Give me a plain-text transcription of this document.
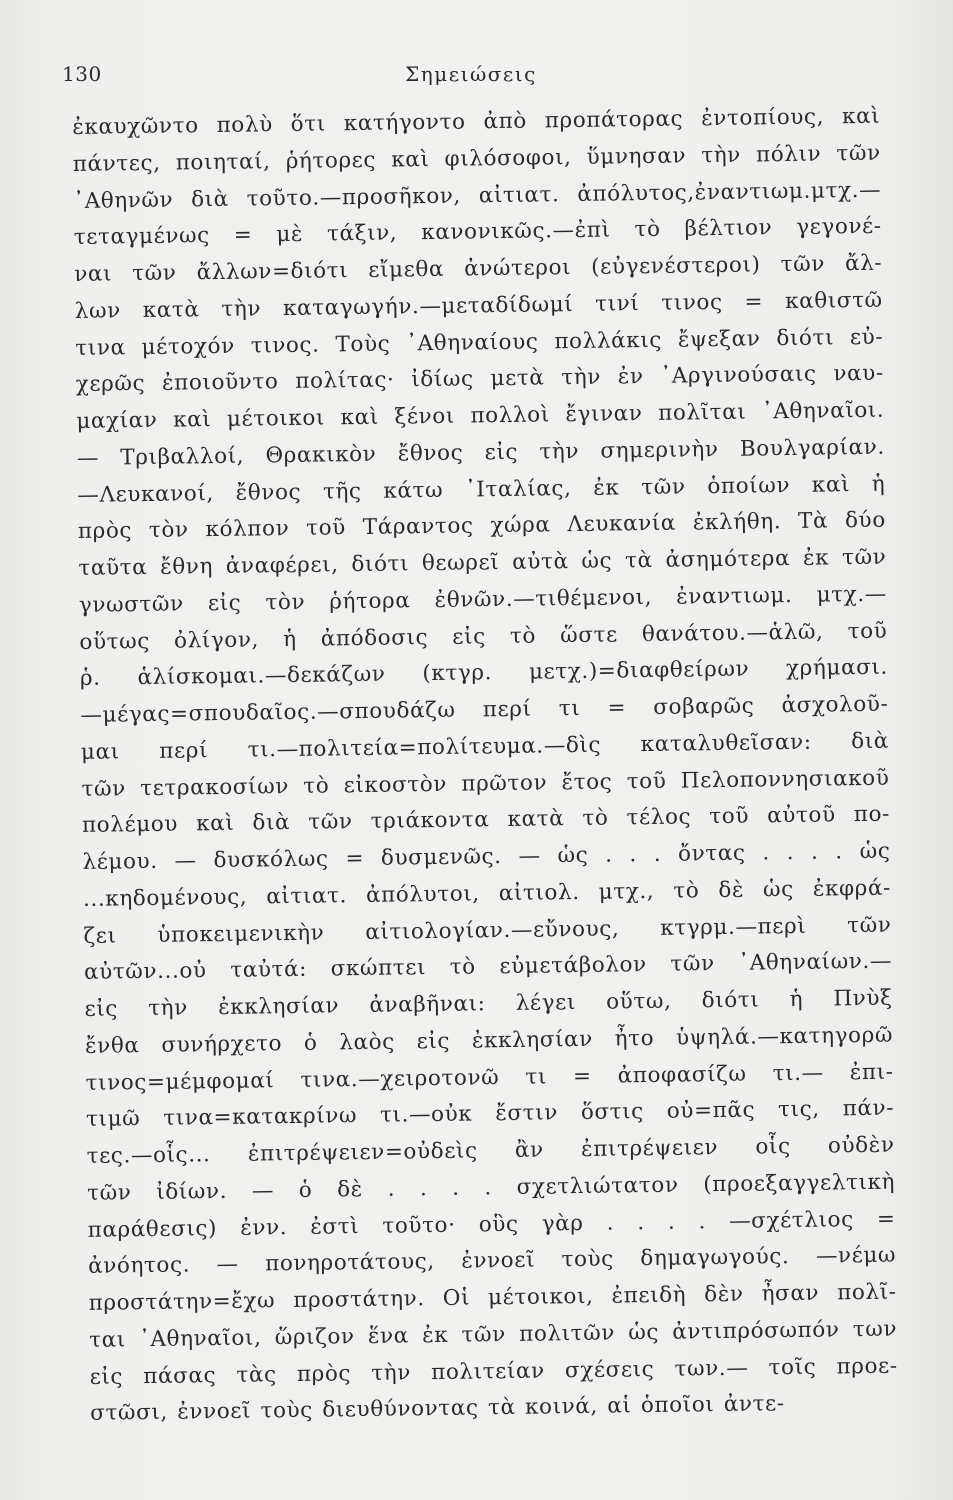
130	Σημειώσεις
ἐκαυχῶντο πολὺ ὅτι κατήγοντο ἀπὸ προπάτορας ἐντοπίους, καὶ
πάντες, ποιηταί, ῥήτορες καὶ φιλόσοφοι, ὕμνησαν τὴν πόλιν τῶν
᾿Αθηνῶν διὰ τοῦτο.—προσῆκον, αἰτιατ. ἀπόλυτος,ἐναντιωμ.μτχ.—
τεταγμένως = μὲ τάξιν, κανονικῶς.—ἐπὶ τὸ βέλτιον γεγονέ-
ναι τῶν ἄλλων=διότι εἴμεθα ἀνώτεροι (εὐγενέστεροι) τῶν ἄλ-
λων κατὰ τὴν καταγωγήν.—μεταδίδωμί τινί τινος = καθιστῶ
τινα μέτοχόν τινος. Τοὺς ᾿Αθηναίους πολλάκις ἔψεξαν διότι εὐ-
χερῶς ἐποιοῦντο πολίτας· ἰδίως μετὰ τὴν ἐν ᾿Αργινούσαις ναυ-
μαχίαν καὶ μέτοικοι καὶ ξένοι πολλοὶ ἔγιναν πολῖται ᾿Αθηναῖοι.
— Τριβαλλοί, Θρακικὸν ἔθνος εἰς τὴν σημερινὴν Βουλγαρίαν.
—Λευκανοί, ἔθνος τῆς κάτω ᾿Ιταλίας, ἐκ τῶν ὁποίων καὶ ἡ
πρὸς τὸν κόλπον τοῦ Τάραντος χώρα Λευκανία ἐκλήθη. Τὰ δύο
ταῦτα ἔθνη ἀναφέρει, διότι θεωρεῖ αὐτὰ ὡς τὰ ἀσημότερα ἐκ τῶν
γνωστῶν εἰς τὸν ῥήτορα ἐθνῶν.—τιθέμενοι, ἐναντιωμ. μτχ.—
οὕτως ὀλίγον, ἡ ἀπόδοσις εἰς τὸ ὥστε θανάτου.—ἁλῶ, τοῦ
ῥ. ἁλίσκομαι.—δεκάζων (κτγρ. μετχ.)=διαφθείρων χρήμασι.
—μέγας=σπουδαῖος.—σπουδάζω περί τι = σοβαρῶς ἀσχολοῦ-
μαι περί τι.—πολιτεία=πολίτευμα.—δὶς καταλυθεῖσαν: διὰ
τῶν τετρακοσίων τὸ εἰκοστὸν πρῶτον ἔτος τοῦ Πελοποννησιακοῦ
πολέμου καὶ διὰ τῶν τριάκοντα κατὰ τὸ τέλος τοῦ αὐτοῦ πο-
λέμου. — δυσκόλως = δυσμενῶς. — ὡς . . . ὄντας . . . . ὡς
...κηδομένους, αἰτιατ. ἀπόλυτοι, αἰτιολ. μτχ., τὸ δὲ ὡς ἐκφρά-
ζει ὑποκειμενικὴν αἰτιολογίαν.—εὔνους, κτγρμ.—περὶ τῶν
αὐτῶν...οὐ ταὐτά: σκώπτει τὸ εὐμετάβολον τῶν ᾿Αθηναίων.—
εἰς τὴν ἐκκλησίαν ἀναβῆναι: λέγει οὕτω, διότι ἡ Πνὺξ
ἔνθα συνήρχετο ὁ λαὸς εἰς ἐκκλησίαν ἦτο ὑψηλά.—κατηγορῶ
τινος=μέμφομαί τινα.—χειροτονῶ τι = ἀποφασίζω τι.— ἐπι-
τιμῶ τινα=κατακρίνω τι.—οὐκ ἔστιν ὅστις οὐ=πᾶς τις, πάν-
τες.—οἷς... ἐπιτρέψειεν=οὐδεὶς ἂν ἐπιτρέψειεν οἷς οὐδὲν
τῶν ἰδίων. — ὁ δὲ . . . . σχετλιώτατον (προεξαγγελτικὴ
παράθεσις) ἐνν. ἐστὶ τοῦτο· οὓς γὰρ . . . . —σχέτλιος =
ἀνόητος. — πονηροτάτους, ἐννοεῖ τοὺς δημαγωγούς. —νέμω
προστάτην=ἔχω προστάτην. Οἱ μέτοικοι, ἐπειδὴ δὲν ἦσαν πολῖ-
ται ᾿Αθηναῖοι, ὥριζον ἕνα ἐκ τῶν πολιτῶν ὡς ἀντιπρόσωπόν των
εἰς πάσας τὰς πρὸς τὴν πολιτείαν σχέσεις των.— τοῖς προε-
στῶσι, ἐννοεῖ τοὺς διευθύνοντας τὰ κοινά, αἱ ὁποῖοι ἀντε-
